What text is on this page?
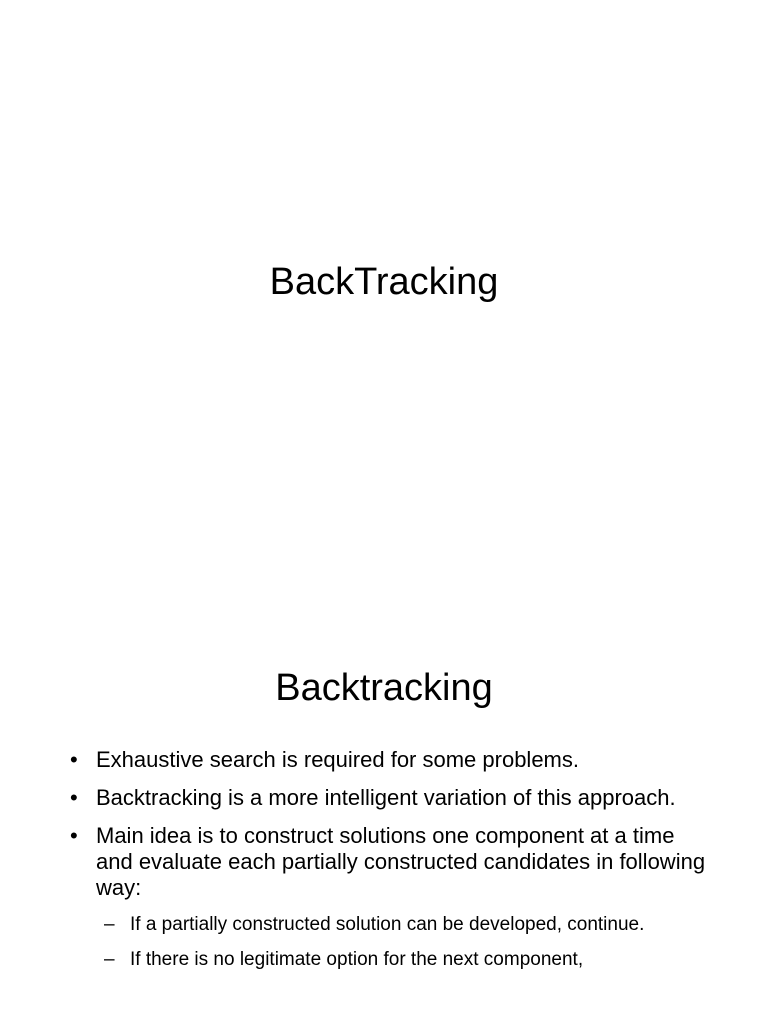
BackTracking
Backtracking
• Exhaustive search is required for some problems.
• Backtracking is a more intelligent variation of this approach.
• Main idea is to construct solutions one component at a time and evaluate each partially constructed candidates in following way:
– If a partially constructed solution can be developed, continue.
– If there is no legitimate option for the next component,
